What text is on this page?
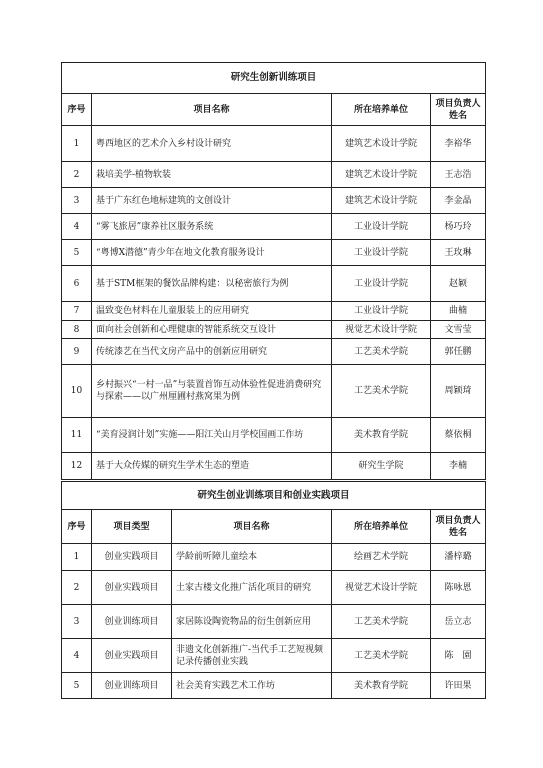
研究生创新训练项目			
序号	项目名称	所在培养单位	项目负责人姓名
1	粤西地区的艺术介入乡村设计研究	建筑艺术设计学院	李裕华
2	栽培美学-植物软装	建筑艺术设计学院	王志浩
3	基于广东红色地标建筑的文创设计	建筑艺术设计学院	李金晶
4	“雾飞旅居”康养社区服务系统	工业设计学院	杨巧玲
5	“粤博X潜德”青少年在地文化教育服务设计	工业设计学院	王玫琳
6	基于STM框架的餐饮品牌构建：以秘密旅行为例	工业设计学院	赵颖
7	温致变色材料在儿童服装上的应用研究	工业设计学院	曲楠
8	面向社会创新和心理健康的智能系统交互设计	视觉艺术设计学院	文雪莹
9	传统漆艺在当代文房产品中的创新应用研究	工艺美术学院	郭任鹏
10	乡村振兴“一村一品”与装置首饰互动体验性促进消费研究与探索——以广州厘圃村燕窝果为例	工艺美术学院	周颖琦
11	“美育浸润计划”实施——阳江关山月学校国画工作坊	美术教育学院	蔡依桐
12	基于大众传媒的研究生学术生态的塑造	研究生学院	李楠
研究生创业训练项目和创业实践项目				
序号	项目类型	项目名称	所在培养单位	项目负责人姓名
1	创业实践项目	学龄前听障儿童绘本	绘画艺术学院	潘梓璐
2	创业实践项目	土家古楼文化推广活化项目的研究	视觉艺术设计学院	陈咏恩
3	创业训练项目	家居陈设陶瓷物品的衍生创新应用	工艺美术学院	岳立志
4	创业实践项目	非遗文化创新推广-当代手工艺短视频记录传播创业实践	工艺美术学院	陈　園
5	创业训练项目	社会美育实践艺术工作坊	美术教育学院	许田果
